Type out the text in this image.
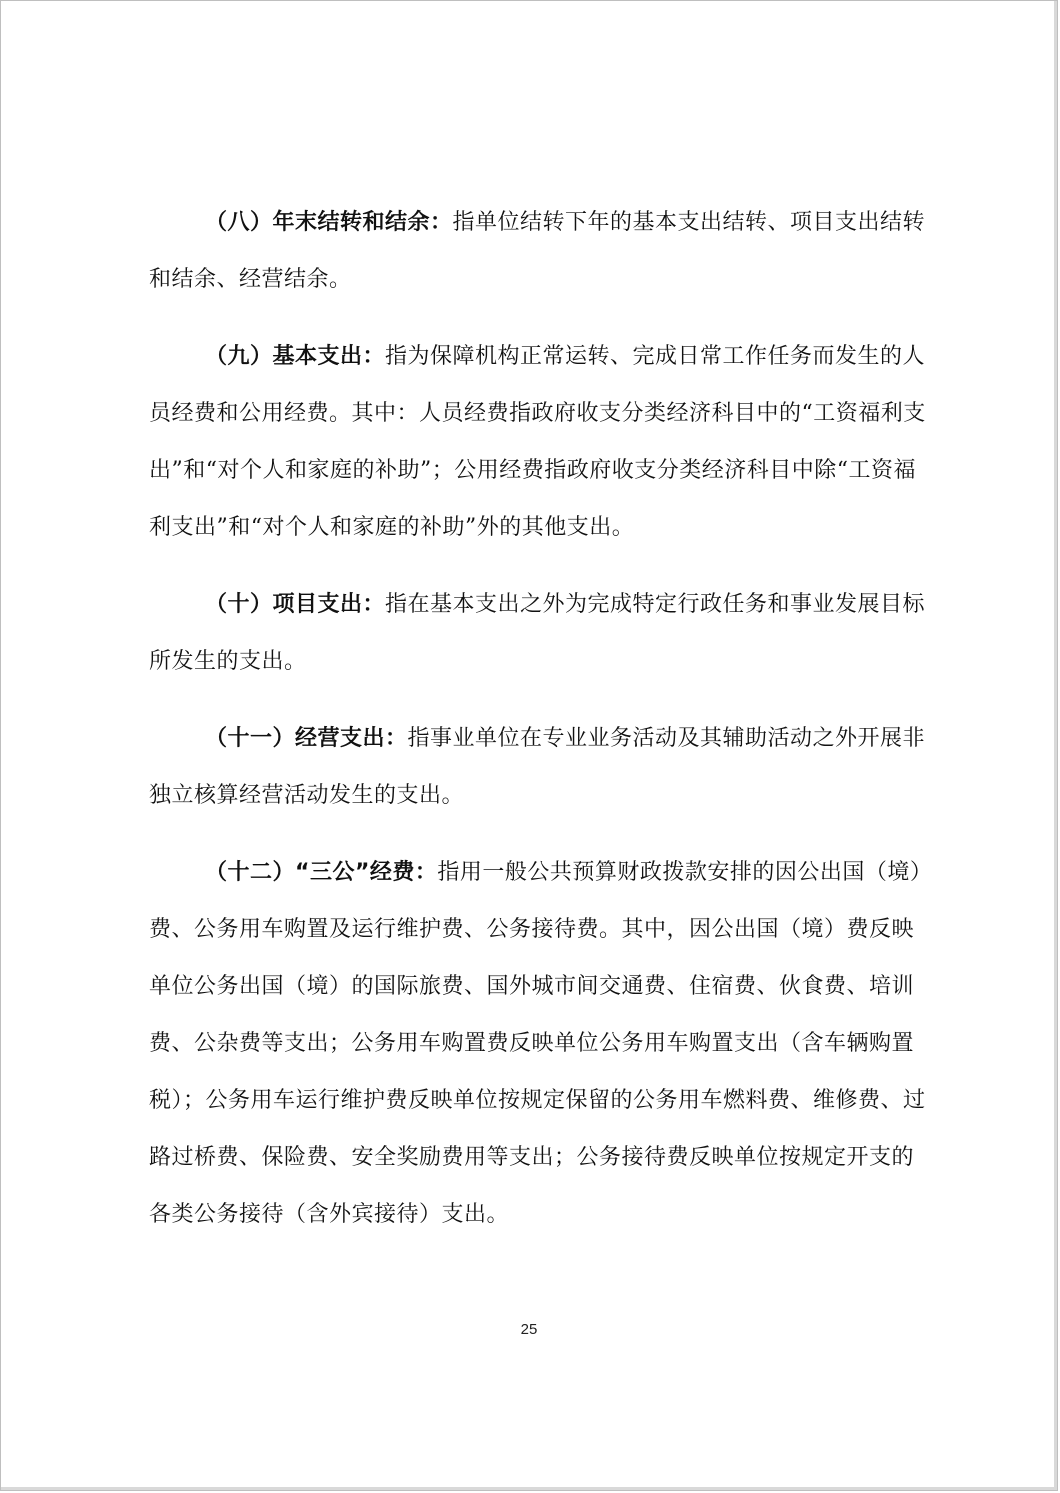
（八）年末结转和结余：指单位结转下年的基本支出结转、项目支出结转和结余、经营结余。

（九）基本支出：指为保障机构正常运转、完成日常工作任务而发生的人员经费和公用经费。其中：人员经费指政府收支分类经济科目中的“工资福利支出”和“对个人和家庭的补助”；公用经费指政府收支分类经济科目中除“工资福利支出”和“对个人和家庭的补助”外的其他支出。

（十）项目支出：指在基本支出之外为完成特定行政任务和事业发展目标所发生的支出。

（十一）经营支出：指事业单位在专业业务活动及其辅助活动之外开展非独立核算经营活动发生的支出。

（十二）“三公”经费：指用一般公共预算财政拨款安排的因公出国（境）费、公务用车购置及运行维护费、公务接待费。其中，因公出国（境）费反映单位公务出国（境）的国际旅费、国外城市间交通费、住宿费、伙食费、培训费、公杂费等支出；公务用车购置费反映单位公务用车购置支出（含车辆购置税）；公务用车运行维护费反映单位按规定保留的公务用车燃料费、维修费、过路过桥费、保险费、安全奖励费用等支出；公务接待费反映单位按规定开支的各类公务接待（含外宾接待）支出。

25
